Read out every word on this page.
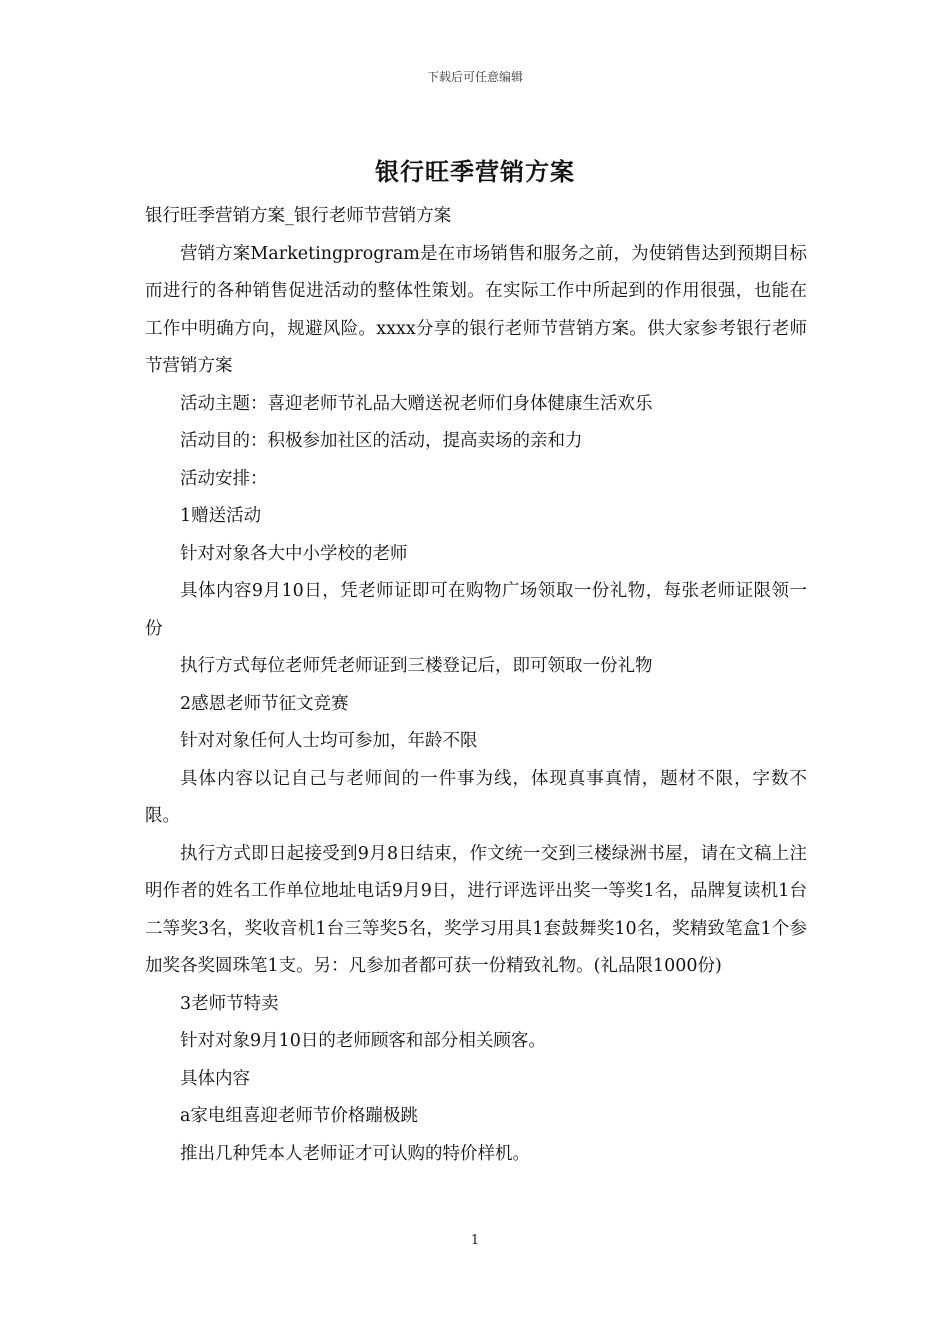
下载后可任意编辑
银行旺季营销方案

银行旺季营销方案_银行老师节营销方案

营销方案Marketingprogram是在市场销售和服务之前，为使销售达到预期目标而进行的各种销售促进活动的整体性策划。在实际工作中所起到的作用很强，也能在工作中明确方向，规避风险。xxxx分享的银行老师节营销方案。供大家参考银行老师节营销方案

活动主题：喜迎老师节礼品大赠送祝老师们身体健康生活欢乐

活动目的：积极参加社区的活动，提高卖场的亲和力

活动安排：

1赠送活动

针对对象各大中小学校的老师

具体内容9月10日，凭老师证即可在购物广场领取一份礼物，每张老师证限领一份

执行方式每位老师凭老师证到三楼登记后，即可领取一份礼物

2感恩老师节征文竞赛

针对对象任何人士均可参加，年龄不限

具体内容以记自己与老师间的一件事为线，体现真事真情，题材不限，字数不限。

执行方式即日起接受到9月8日结束，作文统一交到三楼绿洲书屋，请在文稿上注明作者的姓名工作单位地址电话9月9日，进行评选评出奖一等奖1名，品牌复读机1台二等奖3名，奖收音机1台三等奖5名，奖学习用具1套鼓舞奖10名，奖精致笔盒1个参加奖各奖圆珠笔1支。另：凡参加者都可获一份精致礼物。(礼品限1000份)

3老师节特卖

针对对象9月10日的老师顾客和部分相关顾客。

具体内容

a家电组喜迎老师节价格蹦极跳

推出几种凭本人老师证才可认购的特价样机。

1
